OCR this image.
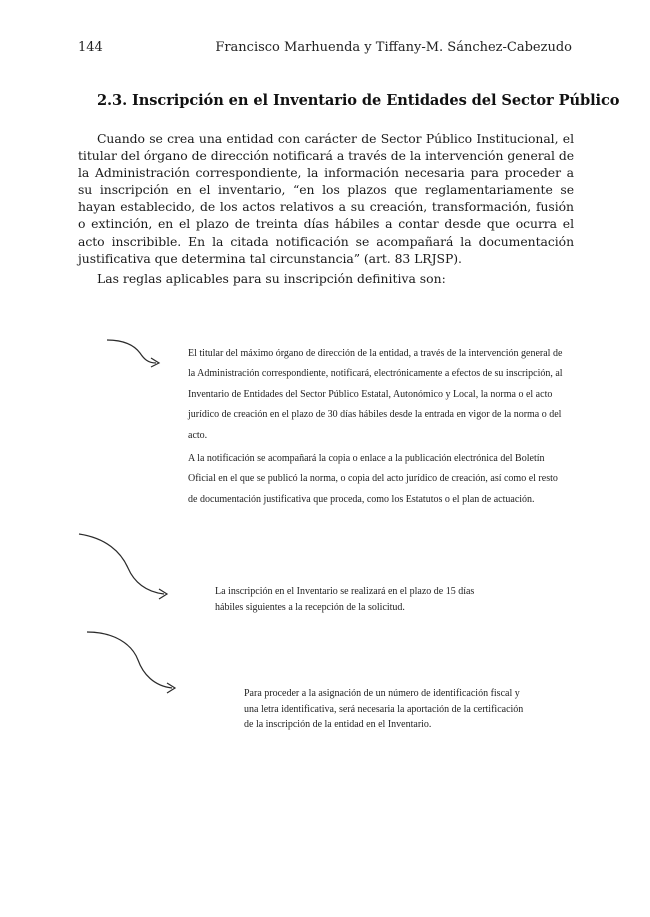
144	Francisco Marhuenda y Tiffany-M. Sánchez-Cabezudo
2.3. Inscripción en el Inventario de Entidades del Sector Público

Cuando se crea una entidad con carácter de Sector Público Institucional, el titular del órgano de dirección notificará a través de la intervención general de la Administración correspondiente, la información necesaria para proceder a su inscripción en el inventario, “en los plazos que reglamentariamente se hayan establecido, de los actos relativos a su creación, transformación, fusión o extinción, en el plazo de treinta días hábiles a contar desde que ocurra el acto inscribible. En la citada notificación se acompañará la documentación justificativa que determina tal circunstancia” (art. 83 LRJSP).

Las reglas aplicables para su inscripción definitiva son:

El titular del máximo órgano de dirección de la entidad, a través de la intervención general de la Administración correspondiente, notificará, electrónicamente a efectos de su inscripción, al Inventario de Entidades del Sector Público Estatal, Autonómico y Local, la norma o el acto jurídico de creación en el plazo de 30 días hábiles desde la entrada en vigor de la norma o del acto.

A la notificación se acompañará la copia o enlace a la publicación electrónica del Boletín Oficial en el que se publicó la norma, o copia del acto jurídico de creación, así como el resto de documentación justificativa que proceda, como los Estatutos o el plan de actuación.

La inscripción en el Inventario se realizará en el plazo de 15 días hábiles siguientes a la recepción de la solicitud.

Para proceder a la asignación de un número de identificación fiscal y una letra identificativa, será necesaria la aportación de la certificación de la inscripción de la entidad en el Inventario.
